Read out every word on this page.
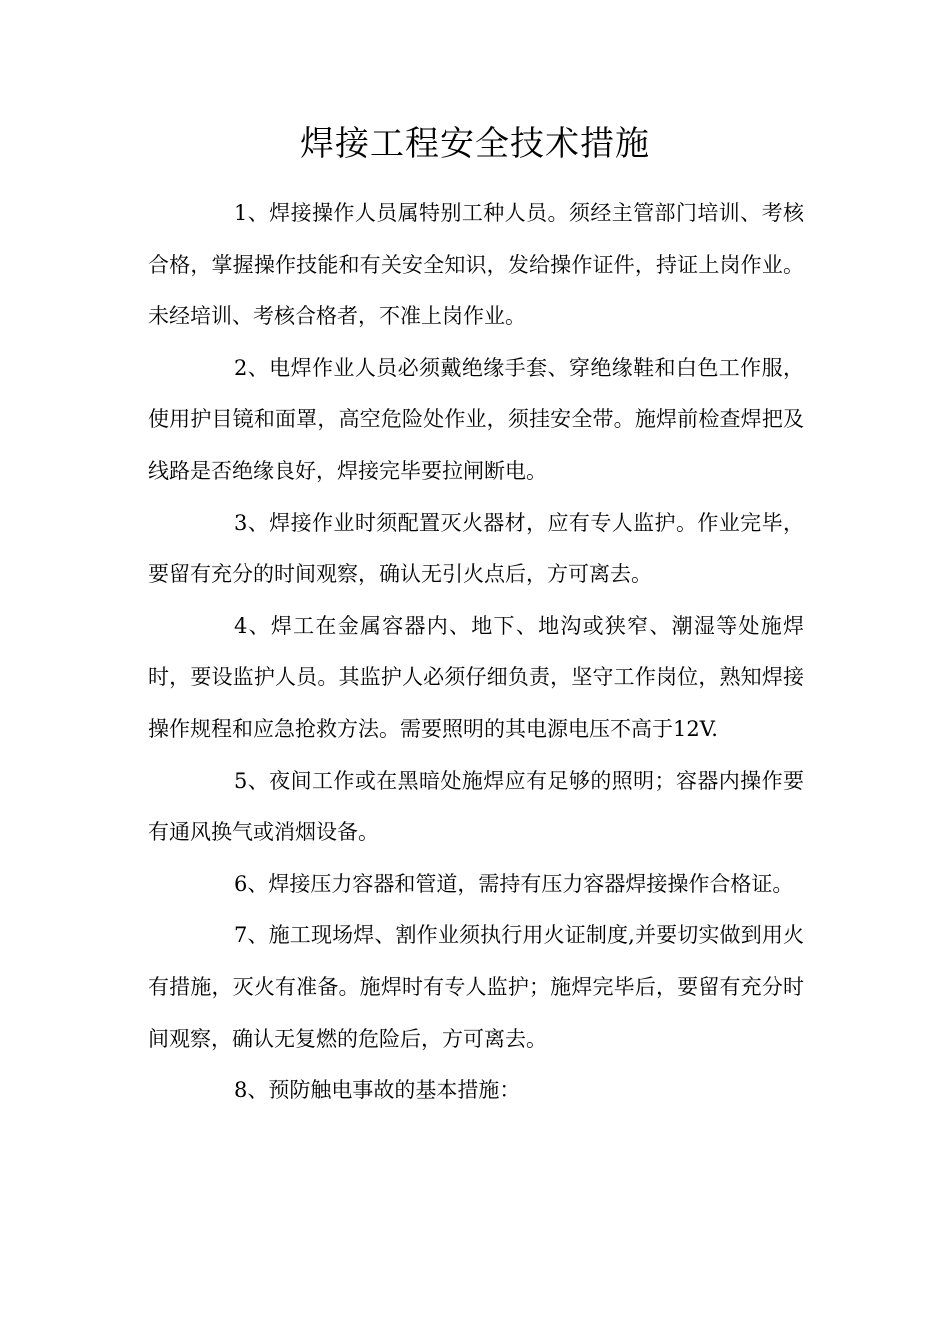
焊接工程安全技术措施

1、焊接操作人员属特别工种人员。须经主管部门培训、考核合格，掌握操作技能和有关安全知识，发给操作证件，持证上岗作业。未经培训、考核合格者，不准上岗作业。

2、电焊作业人员必须戴绝缘手套、穿绝缘鞋和白色工作服，使用护目镜和面罩，高空危险处作业，须挂安全带。施焊前检查焊把及线路是否绝缘良好，焊接完毕要拉闸断电。

3、焊接作业时须配置灭火器材，应有专人监护。作业完毕，要留有充分的时间观察，确认无引火点后，方可离去。

4、焊工在金属容器内、地下、地沟或狭窄、潮湿等处施焊时，要设监护人员。其监护人必须仔细负责，坚守工作岗位，熟知焊接操作规程和应急抢救方法。需要照明的其电源电压不高于12V.

5、夜间工作或在黑暗处施焊应有足够的照明；容器内操作要有通风换气或消烟设备。

6、焊接压力容器和管道，需持有压力容器焊接操作合格证。

7、施工现场焊、割作业须执行用火证制度,并要切实做到用火有措施，灭火有准备。施焊时有专人监护；施焊完毕后，要留有充分时间观察，确认无复燃的危险后，方可离去。

8、预防触电事故的基本措施：
